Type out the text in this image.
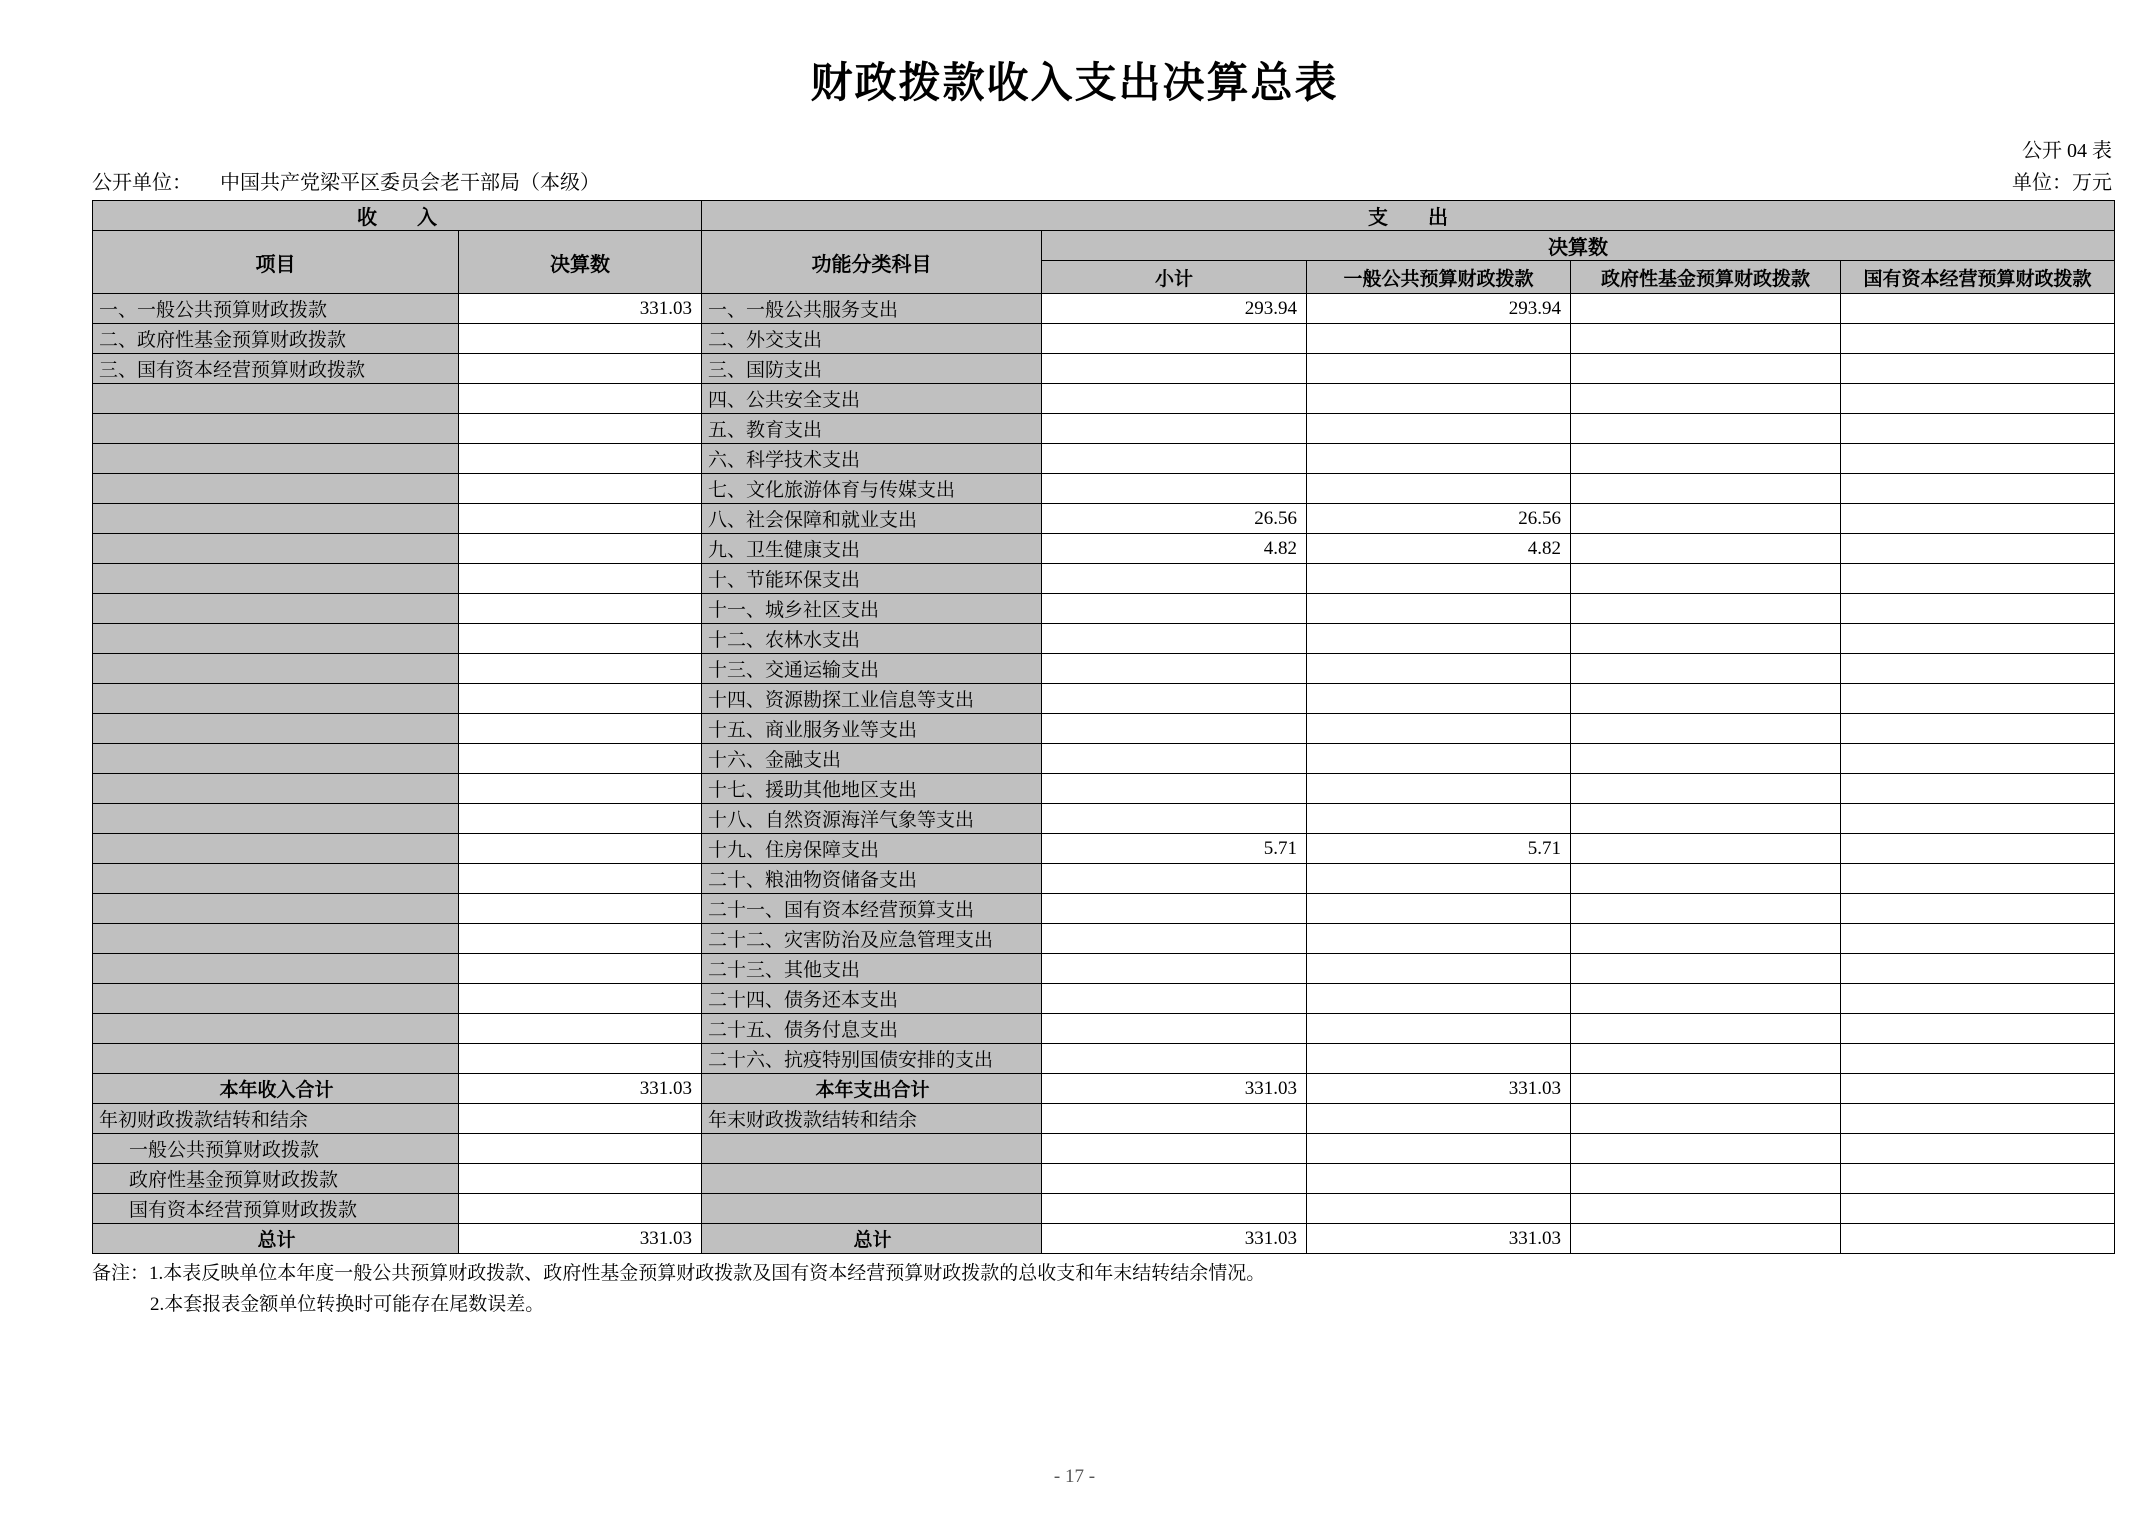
财政拨款收入支出决算总表
公开 04 表
公开单位： 中国共产党梁平区委员会老干部局（本级）	单位：万元
收　　入		支　　出				
项目	决算数	功能分类科目	决算数			
			小计	一般公共预算财政拨款	政府性基金预算财政拨款	国有资本经营预算财政拨款
一、一般公共预算财政拨款	331.03	一、一般公共服务支出	293.94	293.94		
二、政府性基金预算财政拨款		二、外交支出				
三、国有资本经营预算财政拨款		三、国防支出				
		四、公共安全支出				
		五、教育支出				
		六、科学技术支出				
		七、文化旅游体育与传媒支出				
		八、社会保障和就业支出	26.56	26.56		
		九、卫生健康支出	4.82	4.82		
		十、节能环保支出				
		十一、城乡社区支出				
		十二、农林水支出				
		十三、交通运输支出				
		十四、资源勘探工业信息等支出				
		十五、商业服务业等支出				
		十六、金融支出				
		十七、援助其他地区支出				
		十八、自然资源海洋气象等支出				
		十九、住房保障支出	5.71	5.71		
		二十、粮油物资储备支出				
		二十一、国有资本经营预算支出				
		二十二、灾害防治及应急管理支出				
		二十三、其他支出				
		二十四、债务还本支出				
		二十五、债务付息支出				
		二十六、抗疫特别国债安排的支出				
本年收入合计	331.03	本年支出合计	331.03	331.03		
年初财政拨款结转和结余		年末财政拨款结转和结余				
一般公共预算财政拨款						
政府性基金预算财政拨款						
国有资本经营预算财政拨款						
总计	331.03	总计	331.03	331.03		
备注：1.本表反映单位本年度一般公共预算财政拨款、政府性基金预算财政拨款及国有资本经营预算财政拨款的总收支和年末结转结余情况。
2.本套报表金额单位转换时可能存在尾数误差。
- 17 -
